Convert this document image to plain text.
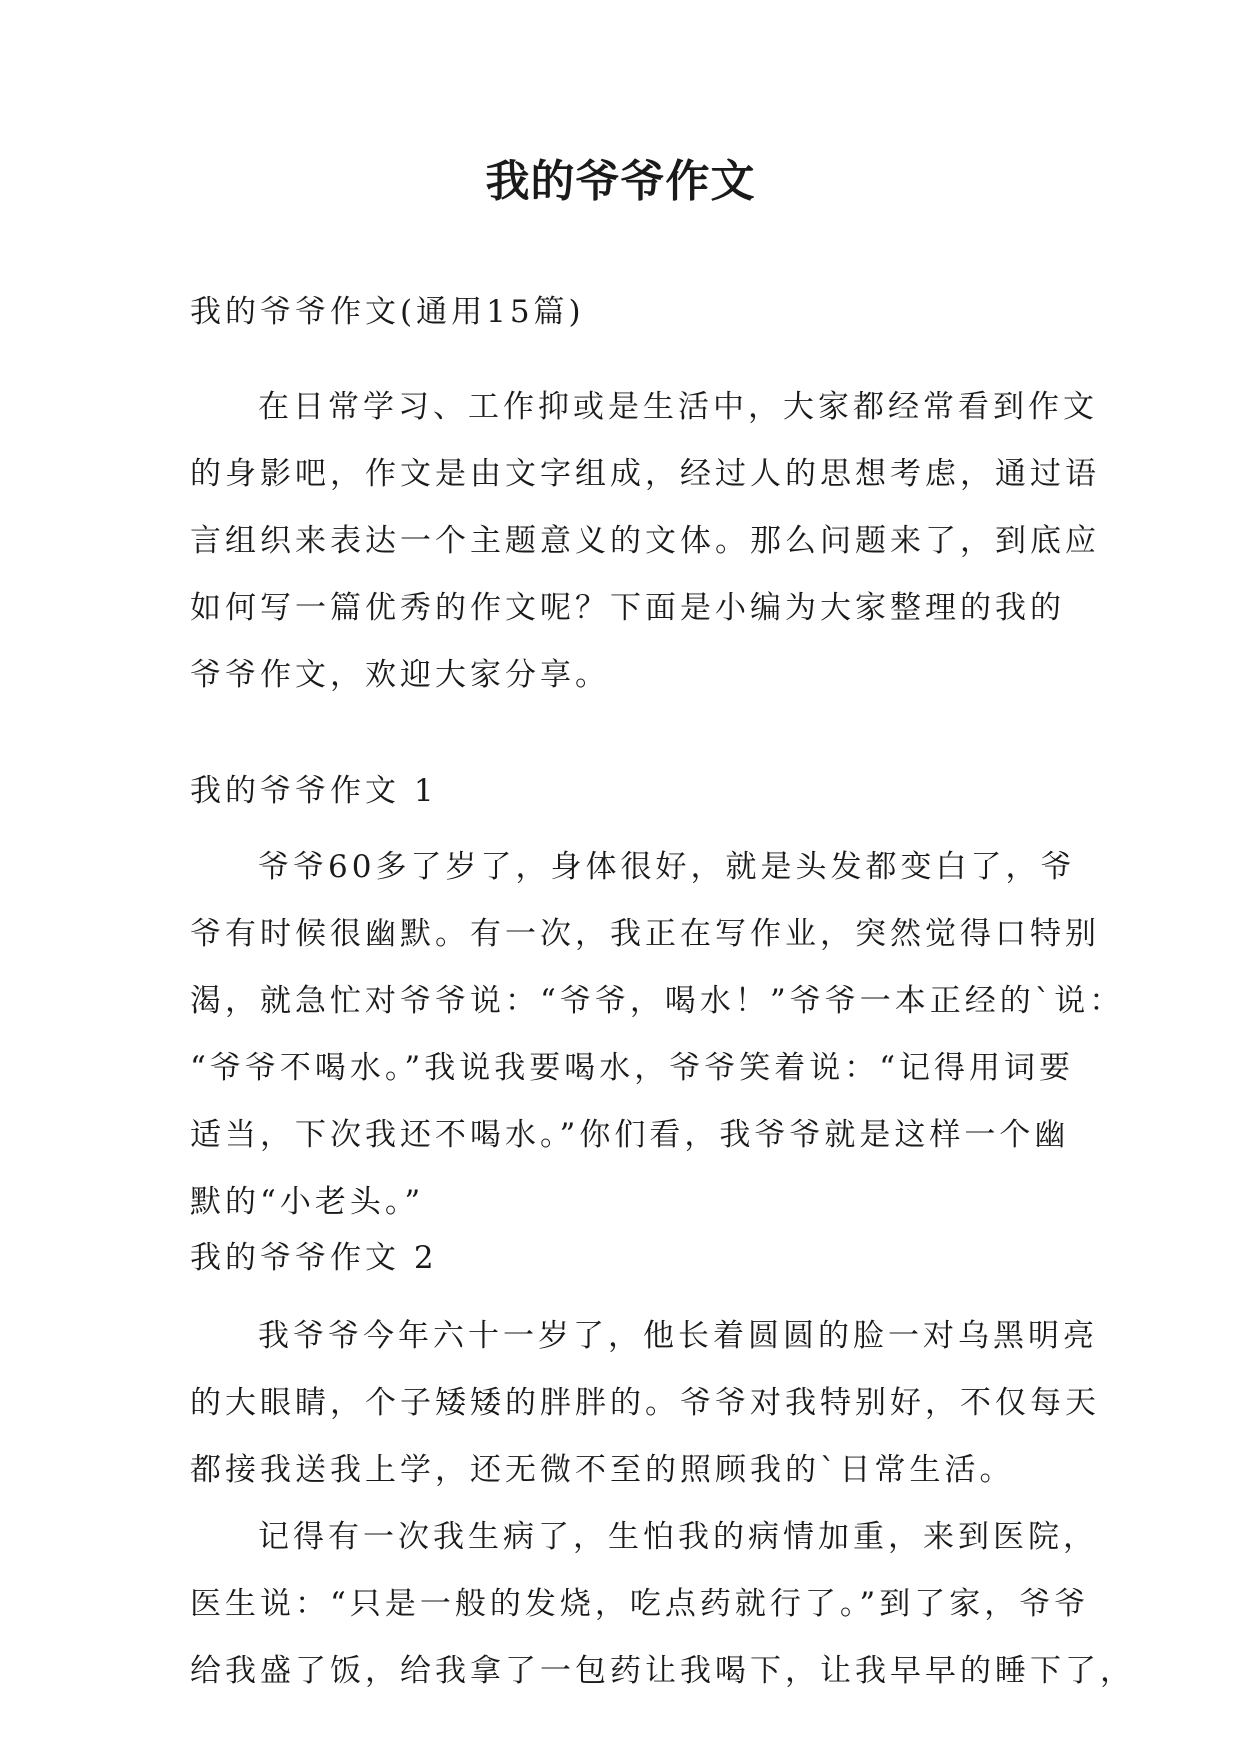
我的爷爷作文
我的爷爷作文(通用15篇)
在日常学习、工作抑或是生活中，大家都经常看到作文
的身影吧，作文是由文字组成，经过人的思想考虑，通过语
言组织来表达一个主题意义的文体。那么问题来了，到底应
如何写一篇优秀的作文呢？下面是小编为大家整理的我的
爷爷作文，欢迎大家分享。
我的爷爷作文 1
爷爷60多了岁了，身体很好，就是头发都变白了，爷
爷有时候很幽默。有一次，我正在写作业，突然觉得口特别
渴，就急忙对爷爷说：“爷爷，喝水！”爷爷一本正经的`说：
“爷爷不喝水。”我说我要喝水，爷爷笑着说：“记得用词要
适当，下次我还不喝水。”你们看，我爷爷就是这样一个幽
默的“小老头。”
我的爷爷作文 2
我爷爷今年六十一岁了，他长着圆圆的脸一对乌黑明亮
的大眼睛，个子矮矮的胖胖的。爷爷对我特别好，不仅每天
都接我送我上学，还无微不至的照顾我的`日常生活。
记得有一次我生病了，生怕我的病情加重，来到医院，
医生说：“只是一般的发烧，吃点药就行了。”到了家，爷爷
给我盛了饭，给我拿了一包药让我喝下，让我早早的睡下了，
